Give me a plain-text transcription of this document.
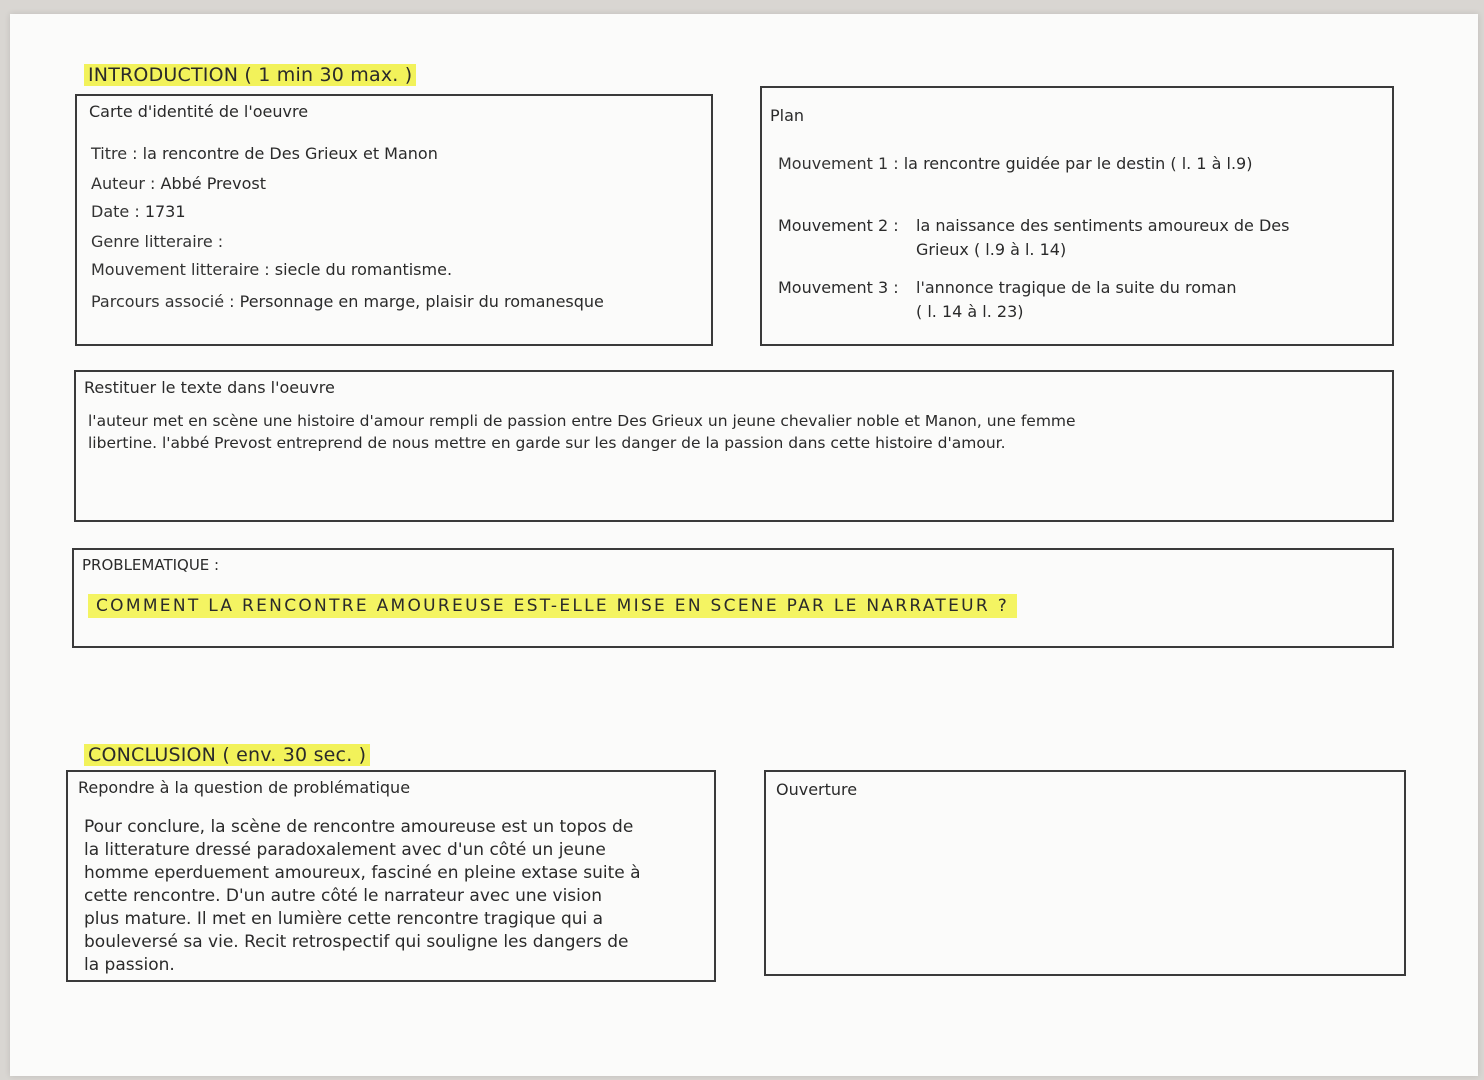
INTRODUCTION ( 1 min 30 max. )
Carte d'identité de l'oeuvre
Titre : la rencontre de Des Grieux et Manon
Auteur : Abbé Prevost
Date : 1731
Genre litteraire :
Mouvement litteraire : siecle du romantisme.
Parcours associé : Personnage en marge, plaisir du romanesque
Plan
Mouvement 1 : la rencontre guidée par le destin ( l. 1 à l.9)
Mouvement 2 : la naissance des sentiments amoureux de Des
Grieux ( l.9 à l. 14)
Mouvement 3 : l'annonce tragique de la suite du roman
( l. 14 à l. 23)
Restituer le texte dans l'oeuvre
l'auteur met en scène une histoire d'amour rempli de passion entre Des Grieux un jeune chevalier noble et Manon, une femme
libertine. l'abbé Prevost entreprend de nous mettre en garde sur les danger de la passion dans cette histoire d'amour.
PROBLEMATIQUE :
COMMENT LA RENCONTRE AMOUREUSE EST-ELLE MISE EN SCENE PAR LE NARRATEUR ?
CONCLUSION ( env. 30 sec. )
Repondre à la question de problématique
Pour conclure, la scène de rencontre amoureuse est un topos de
la litterature dressé paradoxalement avec d'un côté un jeune
homme eperduement amoureux, fasciné en pleine extase suite à
cette rencontre. D'un autre côté le narrateur avec une vision
plus mature. Il met en lumière cette rencontre tragique qui a
bouleversé sa vie. Recit retrospectif qui souligne les dangers de
la passion.
Ouverture
